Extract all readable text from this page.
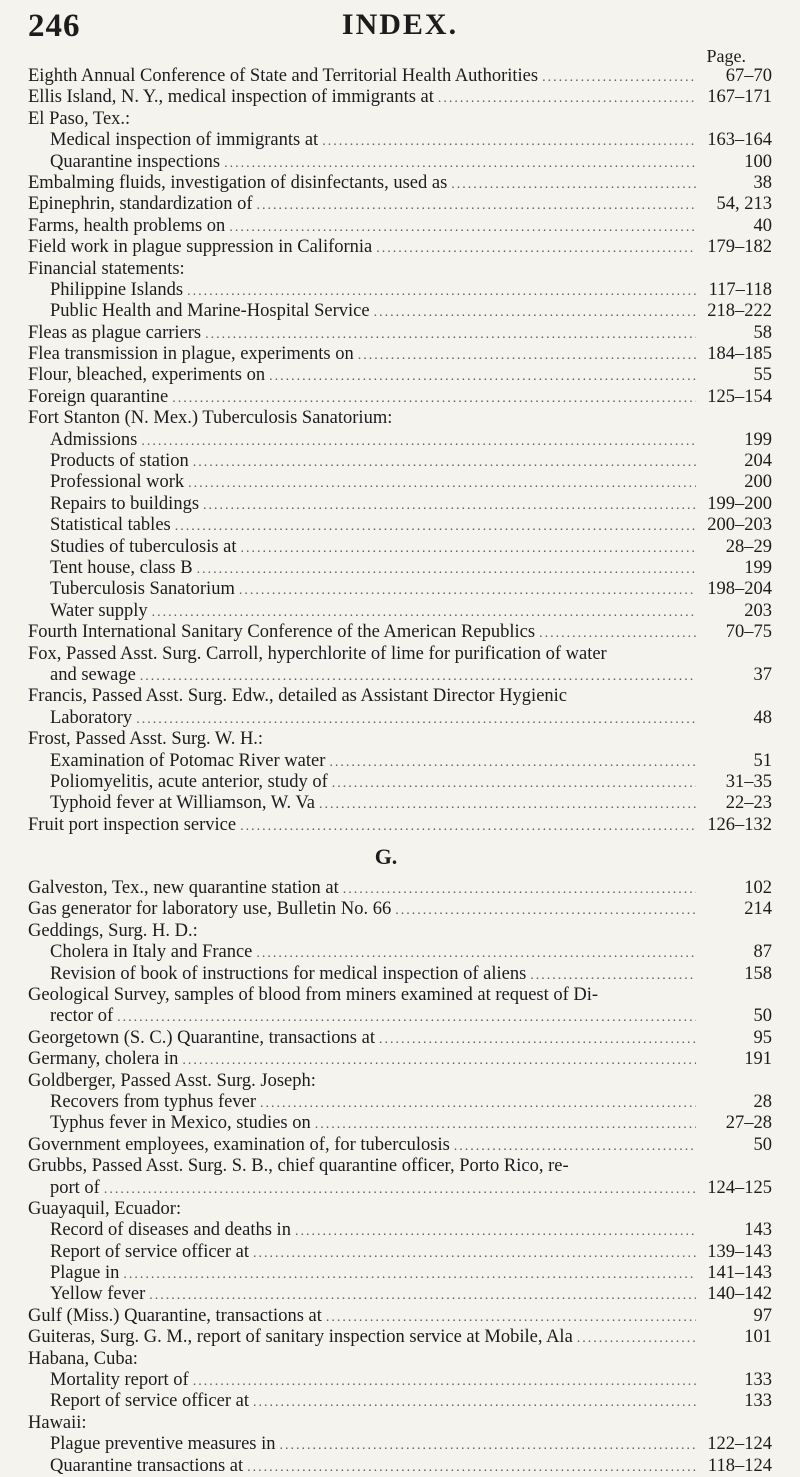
246	INDEX.
Page.
Eighth Annual Conference of State and Territorial Health Authorities .....	67–70
Ellis Island, N. Y., medical inspection of immigrants at .....	167–171
El Paso, Tex.:
Medical inspection of immigrants at .....	163–164
Quarantine inspections .....	100
Embalming fluids, investigation of disinfectants, used as .....	38
Epinephrin, standardization of .....	54, 213
Farms, health problems on .....	40
Field work in plague suppression in California .....	179–182
Financial statements:
Philippine Islands .....	117–118
Public Health and Marine-Hospital Service .....	218–222
Fleas as plague carriers .....	58
Flea transmission in plague, experiments on .....	184–185
Flour, bleached, experiments on .....	55
Foreign quarantine .....	125–154
Fort Stanton (N. Mex.) Tuberculosis Sanatorium:
Admissions .....	199
Products of station .....	204
Professional work .....	200
Repairs to buildings .....	199–200
Statistical tables .....	200–203
Studies of tuberculosis at .....	28–29
Tent house, class B .....	199
Tuberculosis Sanatorium .....	198–204
Water supply .....	203
Fourth International Sanitary Conference of the American Republics .....	70–75
Fox, Passed Asst. Surg. Carroll, hyperchlorite of lime for purification of water
and sewage .....	37
Francis, Passed Asst. Surg. Edw., detailed as Assistant Director Hygienic
Laboratory .....	48
Frost, Passed Asst. Surg. W. H.:
Examination of Potomac River water .....	51
Poliomyelitis, acute anterior, study of .....	31–35
Typhoid fever at Williamson, W. Va .....	22–23
Fruit port inspection service .....	126–132
G.
Galveston, Tex., new quarantine station at .....	102
Gas generator for laboratory use, Bulletin No. 66 .....	214
Geddings, Surg. H. D.:
Cholera in Italy and France .....	87
Revision of book of instructions for medical inspection of aliens .....	158
Geological Survey, samples of blood from miners examined at request of Di-
rector of .....	50
Georgetown (S. C.) Quarantine, transactions at .....	95
Germany, cholera in .....	191
Goldberger, Passed Asst. Surg. Joseph:
Recovers from typhus fever .....	28
Typhus fever in Mexico, studies on .....	27–28
Government employees, examination of, for tuberculosis .....	50
Grubbs, Passed Asst. Surg. S. B., chief quarantine officer, Porto Rico, re-
port of .....	124–125
Guayaquil, Ecuador:
Record of diseases and deaths in .....	143
Report of service officer at .....	139–143
Plague in .....	141–143
Yellow fever .....	140–142
Gulf (Miss.) Quarantine, transactions at .....	97
Guiteras, Surg. G. M., report of sanitary inspection service at Mobile, Ala .....	101
Habana, Cuba:
Mortality report of .....	133
Report of service officer at .....	133
Hawaii:
Plague preventive measures in .....	122–124
Quarantine transactions at .....	118–124
